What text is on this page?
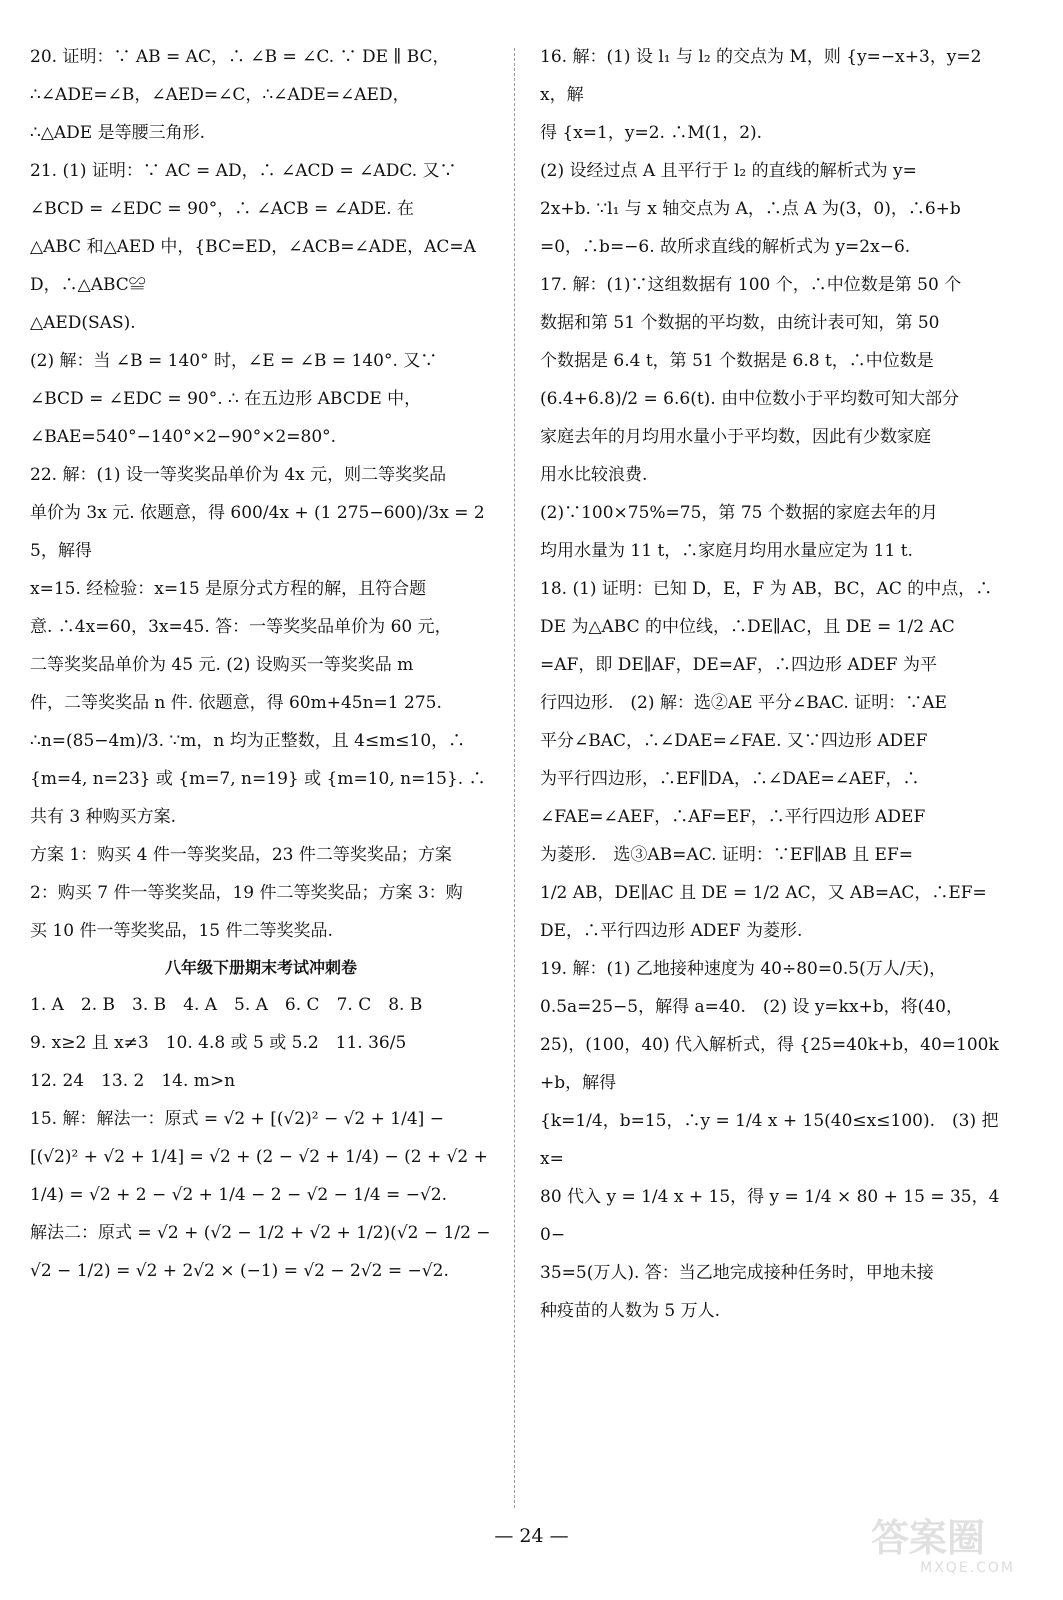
20. 证明：∵ AB = AC，∴ ∠B = ∠C. ∵ DE ∥ BC，

∴∠ADE=∠B，∠AED=∠C，∴∠ADE=∠AED，

∴△ADE 是等腰三角形.

21. (1) 证明：∵ AC = AD，∴ ∠ACD = ∠ADC. 又∵

∠BCD = ∠EDC = 90°，∴ ∠ACB = ∠ADE. 在

△ABC 和△AED 中，{BC=ED，∠ACB=∠ADE，AC=AD，∴△ABC≌

△AED(SAS).

(2) 解：当 ∠B = 140° 时，∠E = ∠B = 140°. 又∵

∠BCD = ∠EDC = 90°. ∴ 在五边形 ABCDE 中，

∠BAE=540°−140°×2−90°×2=80°.

22. 解：(1) 设一等奖奖品单价为 4x 元，则二等奖奖品

单价为 3x 元. 依题意，得 600/4x + (1 275−600)/3x = 25，解得

x=15. 经检验：x=15 是原分式方程的解，且符合题

意. ∴4x=60，3x=45. 答：一等奖奖品单价为 60 元，

二等奖奖品单价为 45 元. (2) 设购买一等奖奖品 m

件，二等奖奖品 n 件. 依题意，得 60m+45n=1 275.

∴n=(85−4m)/3. ∵m，n 均为正整数，且 4≤m≤10，∴

{m=4, n=23} 或 {m=7, n=19} 或 {m=10, n=15}. ∴共有 3 种购买方案.

方案 1：购买 4 件一等奖奖品，23 件二等奖奖品；方案

2：购买 7 件一等奖奖品，19 件二等奖奖品；方案 3：购

买 10 件一等奖奖品，15 件二等奖奖品.

八年级下册期末考试冲刺卷

1. A　2. B　3. B　4. A　5. A　6. C　7. C　8. B

9. x≥2 且 x≠3　10. 4.8 或 5 或 5.2　11. 36/5

12. 24　13. 2　14. m>n

15. 解：解法一：原式 = √2 + [(√2)² − √2 + 1/4] −

[(√2)² + √2 + 1/4] = √2 + (2 − √2 + 1/4) − (2 + √2 +

1/4) = √2 + 2 − √2 + 1/4 − 2 − √2 − 1/4 = −√2.

解法二：原式 = √2 + (√2 − 1/2 + √2 + 1/2)(√2 − 1/2 −

√2 − 1/2) = √2 + 2√2 × (−1) = √2 − 2√2 = −√2.

16. 解：(1) 设 l₁ 与 l₂ 的交点为 M，则 {y=−x+3，y=2x，解

得 {x=1，y=2. ∴M(1，2).

(2) 设经过点 A 且平行于 l₂ 的直线的解析式为 y=

2x+b. ∵l₁ 与 x 轴交点为 A，∴点 A 为(3，0)，∴6+b

=0，∴b=−6. 故所求直线的解析式为 y=2x−6.

17. 解：(1)∵这组数据有 100 个，∴中位数是第 50 个

数据和第 51 个数据的平均数，由统计表可知，第 50

个数据是 6.4 t，第 51 个数据是 6.8 t，∴中位数是

(6.4+6.8)/2 = 6.6(t). 由中位数小于平均数可知大部分

家庭去年的月均用水量小于平均数，因此有少数家庭

用水比较浪费.

(2)∵100×75%=75，第 75 个数据的家庭去年的月

均用水量为 11 t，∴家庭月均用水量应定为 11 t.

18. (1) 证明：已知 D，E，F 为 AB，BC，AC 的中点，∴

DE 为△ABC 的中位线，∴DE∥AC，且 DE = 1/2 AC

=AF，即 DE∥AF，DE=AF，∴四边形 ADEF 为平

行四边形.　(2) 解：选②AE 平分∠BAC. 证明：∵AE

平分∠BAC，∴∠DAE=∠FAE. 又∵四边形 ADEF

为平行四边形，∴EF∥DA，∴∠DAE=∠AEF，∴

∠FAE=∠AEF，∴AF=EF，∴平行四边形 ADEF

为菱形.　选③AB=AC. 证明：∵EF∥AB 且 EF=

1/2 AB，DE∥AC 且 DE = 1/2 AC，又 AB=AC，∴EF=

DE，∴平行四边形 ADEF 为菱形.

19. 解：(1) 乙地接种速度为 40÷80=0.5(万人/天)，

0.5a=25−5，解得 a=40.　(2) 设 y=kx+b，将(40，

25)，(100，40) 代入解析式，得 {25=40k+b，40=100k+b，解得

{k=1/4，b=15，∴y = 1/4 x + 15(40≤x≤100).　(3) 把 x=

80 代入 y = 1/4 x + 15，得 y = 1/4 × 80 + 15 = 35，40−

35=5(万人). 答：当乙地完成接种任务时，甲地未接

种疫苗的人数为 5 万人.

— 24 —	答案圈
MXQE.COM
